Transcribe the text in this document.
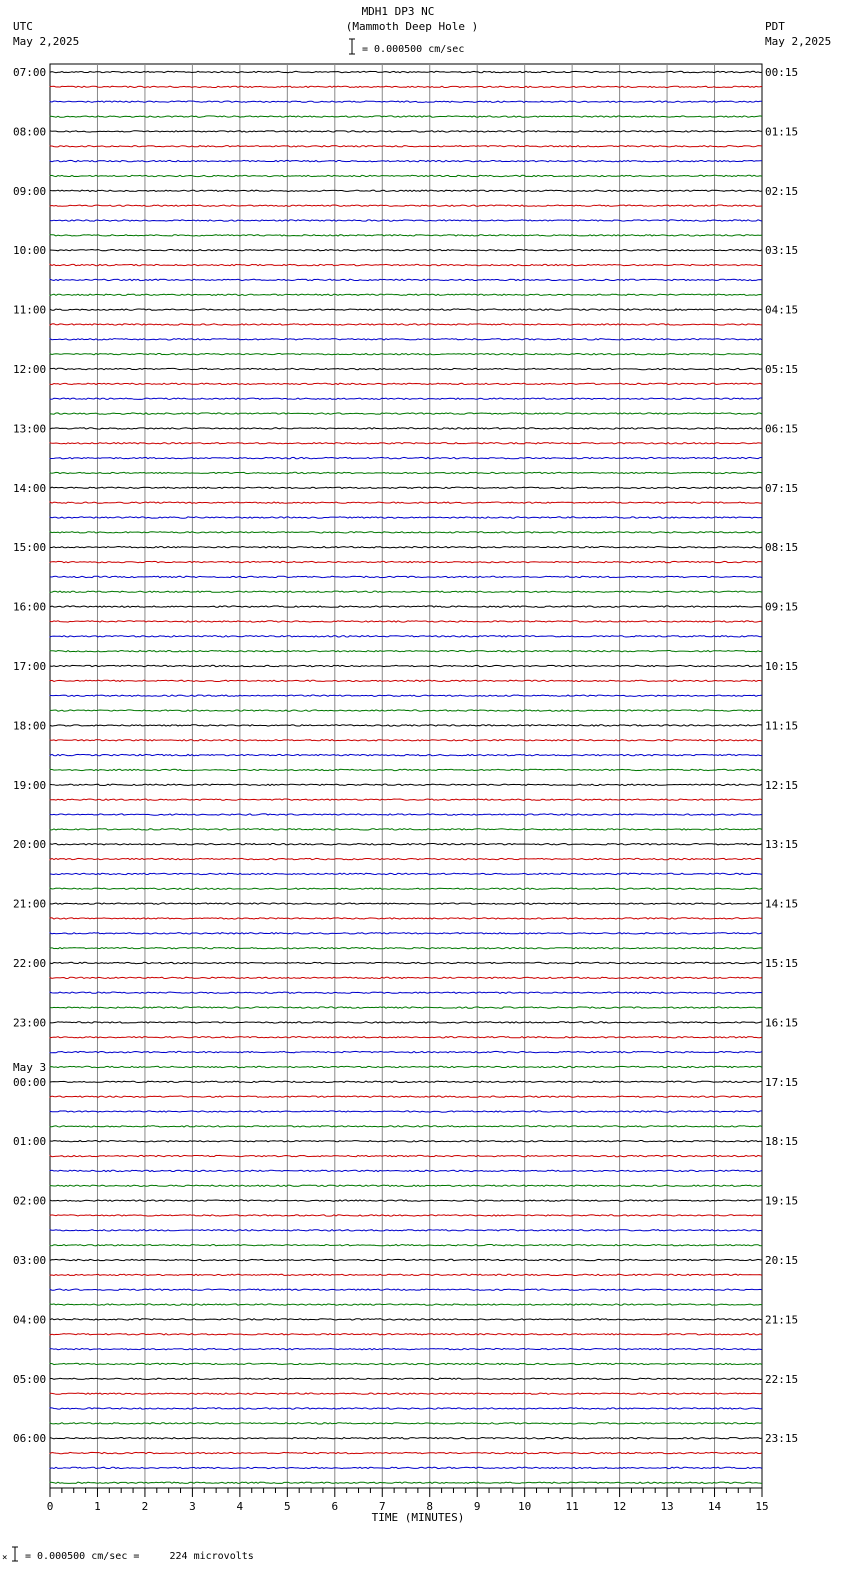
MDH1 DP3 NC
(Mammoth Deep Hole )
= 0.000500 cm/sec
UTC
May 2,2025
PDT
May 2,2025
07:00
08:00
09:00
10:00
11:00
12:00
13:00
14:00
15:00
16:00
17:00
18:00
19:00
20:00
21:00
22:00
23:00
00:00
01:00
02:00
03:00
04:00
05:00
06:00
May 3
00:15
01:15
02:15
03:15
04:15
05:15
06:15
07:15
08:15
09:15
10:15
11:15
12:15
13:15
14:15
15:15
16:15
17:15
18:15
19:15
20:15
21:15
22:15
23:15
0	1	2	3	4	5	6	7	8	9	10	11	12	13	14	15
TIME (MINUTES)
× = 0.000500 cm/sec =     224 microvolts
